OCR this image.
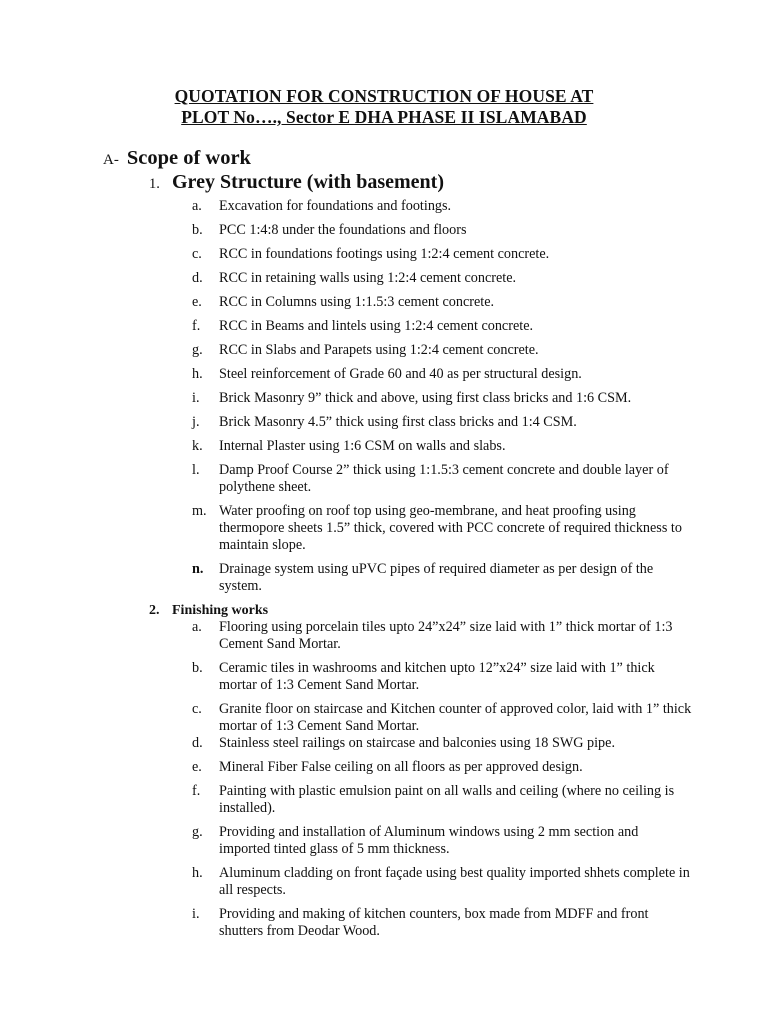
QUOTATION FOR CONSTRUCTION OF HOUSE AT
PLOT No…., Sector E DHA PHASE II ISLAMABAD
A- Scope of work
1. Grey Structure (with basement)
a. Excavation for foundations and footings.
b. PCC 1:4:8 under the foundations and floors
c. RCC in foundations footings using 1:2:4 cement concrete.
d. RCC in retaining walls using 1:2:4 cement concrete.
e. RCC in Columns using 1:1.5:3 cement concrete.
f. RCC in Beams and lintels using 1:2:4 cement concrete.
g. RCC in Slabs and Parapets using 1:2:4 cement concrete.
h. Steel reinforcement of Grade 60 and 40 as per structural design.
i. Brick Masonry 9” thick and above, using first class bricks and 1:6 CSM.
j. Brick Masonry 4.5” thick using first class bricks and 1:4 CSM.
k. Internal Plaster using 1:6 CSM on walls and slabs.
l. Damp Proof Course 2” thick using 1:1.5:3 cement concrete and double layer of polythene sheet.
m. Water proofing on roof top using geo-membrane, and heat proofing using thermopore sheets 1.5” thick, covered with PCC concrete of required thickness to maintain slope.
n. Drainage system using uPVC pipes of required diameter as per design of the system.
2. Finishing works
a. Flooring using porcelain tiles upto 24”x24” size laid with 1” thick mortar of 1:3 Cement Sand Mortar.
b. Ceramic tiles in washrooms and kitchen upto 12”x24” size laid with 1” thick mortar of 1:3 Cement Sand Mortar.
c. Granite floor on staircase and Kitchen counter of approved color, laid with 1” thick mortar of 1:3 Cement Sand Mortar.
d. Stainless steel railings on staircase and balconies using 18 SWG pipe.
e. Mineral Fiber False ceiling on all floors as per approved design.
f. Painting with plastic emulsion paint on all walls and ceiling (where no ceiling is installed).
g. Providing and installation of Aluminum windows using 2 mm section and imported tinted glass of 5 mm thickness.
h. Aluminum cladding on front façade using best quality imported shhets complete in all respects.
i. Providing and making of kitchen counters, box made from MDFF and front shutters from Deodar Wood.
